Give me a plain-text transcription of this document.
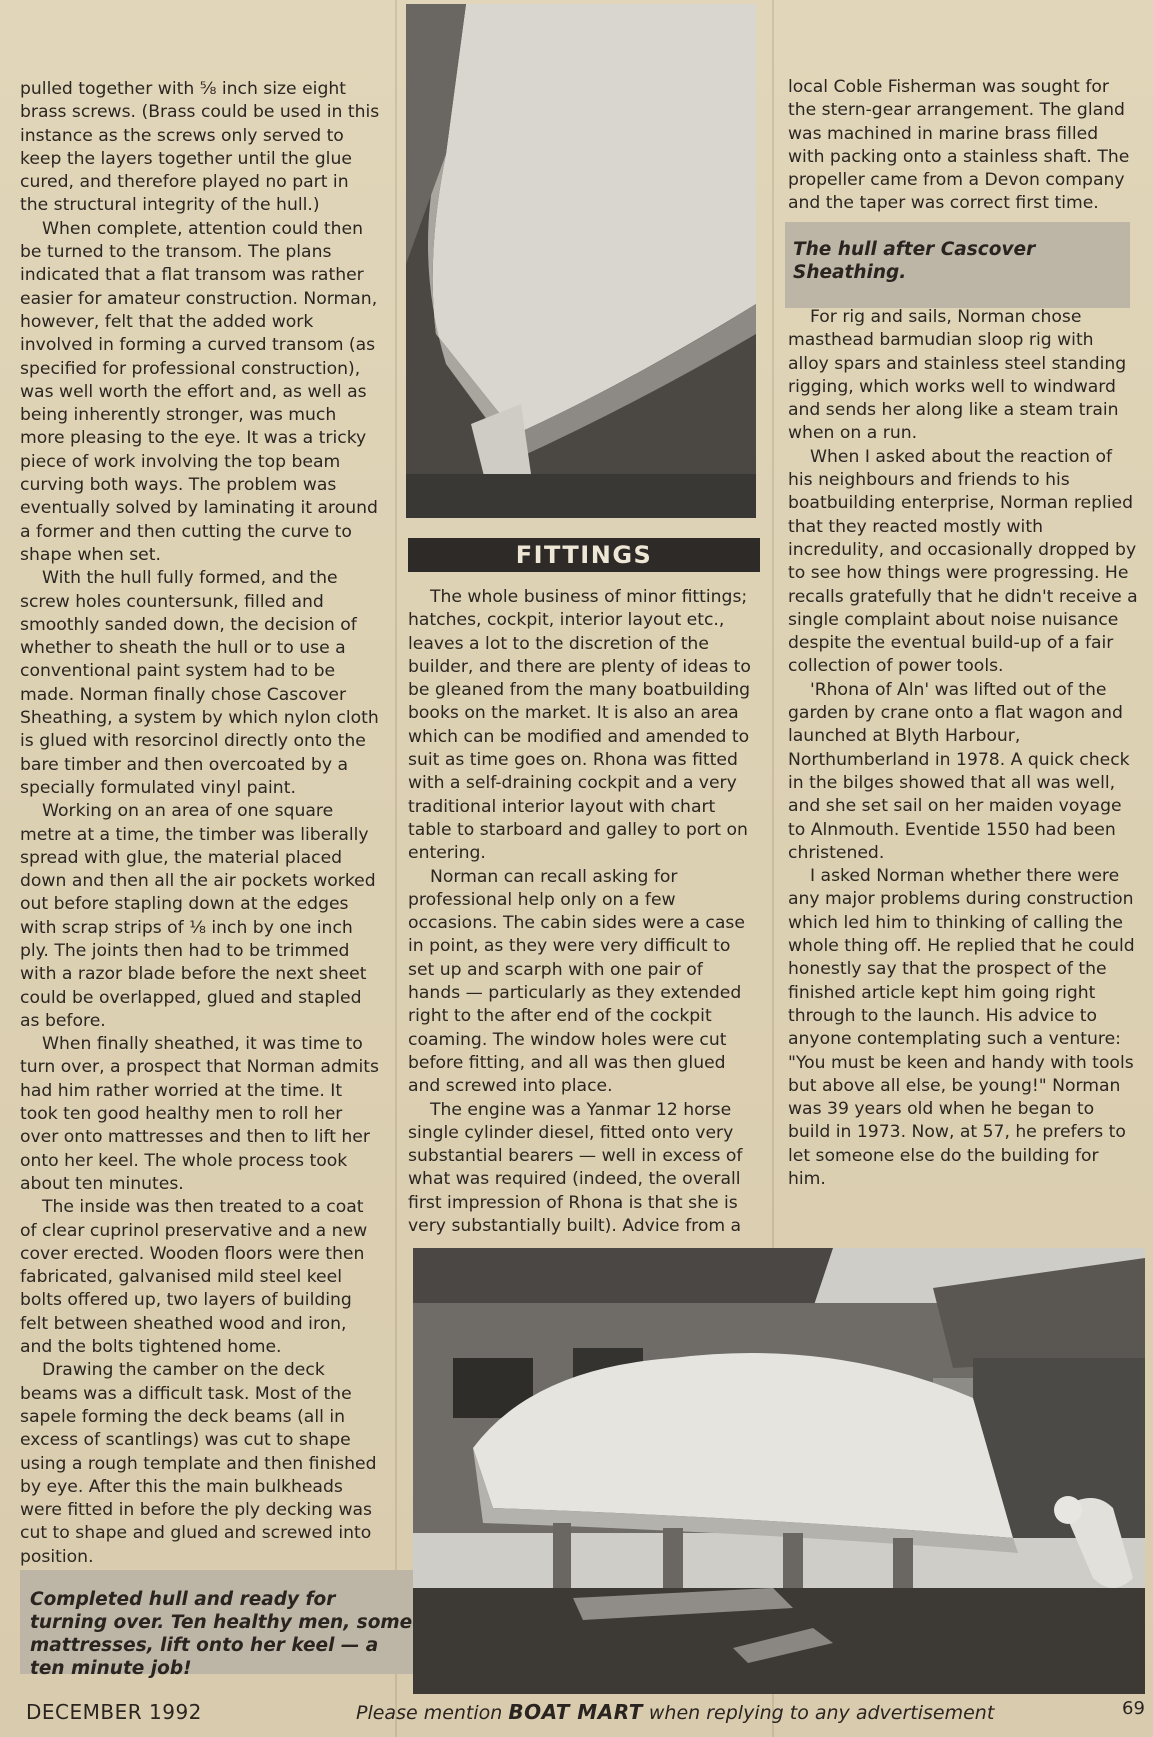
pulled together with ⅝ inch size eight brass screws. (Brass could be used in this instance as the screws only served to keep the layers together until the glue cured, and therefore played no part in the structural integrity of the hull.)

When complete, attention could then be turned to the transom. The plans indicated that a flat transom was rather easier for amateur construction. Norman, however, felt that the added work involved in forming a curved transom (as specified for professional construction), was well worth the effort and, as well as being inherently stronger, was much more pleasing to the eye. It was a tricky piece of work involving the top beam curving both ways. The problem was eventually solved by laminating it around a former and then cutting the curve to shape when set.

With the hull fully formed, and the screw holes countersunk, filled and smoothly sanded down, the decision of whether to sheath the hull or to use a conventional paint system had to be made. Norman finally chose Cascover Sheathing, a system by which nylon cloth is glued with resorcinol directly onto the bare timber and then overcoated by a specially formulated vinyl paint.

Working on an area of one square metre at a time, the timber was liberally spread with glue, the material placed down and then all the air pockets worked out before stapling down at the edges with scrap strips of ⅛ inch by one inch ply. The joints then had to be trimmed with a razor blade before the next sheet could be overlapped, glued and stapled as before.

When finally sheathed, it was time to turn over, a prospect that Norman admits had him rather worried at the time. It took ten good healthy men to roll her over onto mattresses and then to lift her onto her keel. The whole process took about ten minutes.

The inside was then treated to a coat of clear cuprinol preservative and a new cover erected. Wooden floors were then fabricated, galvanised mild steel keel bolts offered up, two layers of building felt between sheathed wood and iron, and the bolts tightened home.

Drawing the camber on the deck beams was a difficult task. Most of the sapele forming the deck beams (all in excess of scantlings) was cut to shape using a rough template and then finished by eye. After this the main bulkheads were fitted in before the ply decking was cut to shape and glued and screwed into position.

FITTINGS

The whole business of minor fittings; hatches, cockpit, interior layout etc., leaves a lot to the discretion of the builder, and there are plenty of ideas to be gleaned from the many boatbuilding books on the market. It is also an area which can be modified and amended to suit as time goes on. Rhona was fitted with a self-draining cockpit and a very traditional interior layout with chart table to starboard and galley to port on entering.

Norman can recall asking for professional help only on a few occasions. The cabin sides were a case in point, as they were very difficult to set up and scarph with one pair of hands — particularly as they extended right to the after end of the cockpit coaming. The window holes were cut before fitting, and all was then glued and screwed into place.

The engine was a Yanmar 12 horse single cylinder diesel, fitted onto very substantial bearers — well in excess of what was required (indeed, the overall first impression of Rhona is that she is very substantially built). Advice from a

local Coble Fisherman was sought for the stern-gear arrangement. The gland was machined in marine brass filled with packing onto a stainless shaft. The propeller came from a Devon company and the taper was correct first time.

The hull after Cascover Sheathing.

For rig and sails, Norman chose masthead barmudian sloop rig with alloy spars and stainless steel standing rigging, which works well to windward and sends her along like a steam train when on a run.

When I asked about the reaction of his neighbours and friends to his boatbuilding enterprise, Norman replied that they reacted mostly with incredulity, and occasionally dropped by to see how things were progressing. He recalls gratefully that he didn't receive a single complaint about noise nuisance despite the eventual build-up of a fair collection of power tools.

'Rhona of Aln' was lifted out of the garden by crane onto a flat wagon and launched at Blyth Harbour, Northumberland in 1978. A quick check in the bilges showed that all was well, and she set sail on her maiden voyage to Alnmouth. Eventide 1550 had been christened.

I asked Norman whether there were any major problems during construction which led him to thinking of calling the whole thing off. He replied that he could honestly say that the prospect of the finished article kept him going right through to the launch. His advice to anyone contemplating such a venture: "You must be keen and handy with tools but above all else, be young!" Norman was 39 years old when he began to build in 1973. Now, at 57, he prefers to let someone else do the building for him.

Completed hull and ready for turning over. Ten healthy men, some mattresses, lift onto her keel — a ten minute job!
DECEMBER 1992	Please mention BOAT MART when replying to any advertisement	69
